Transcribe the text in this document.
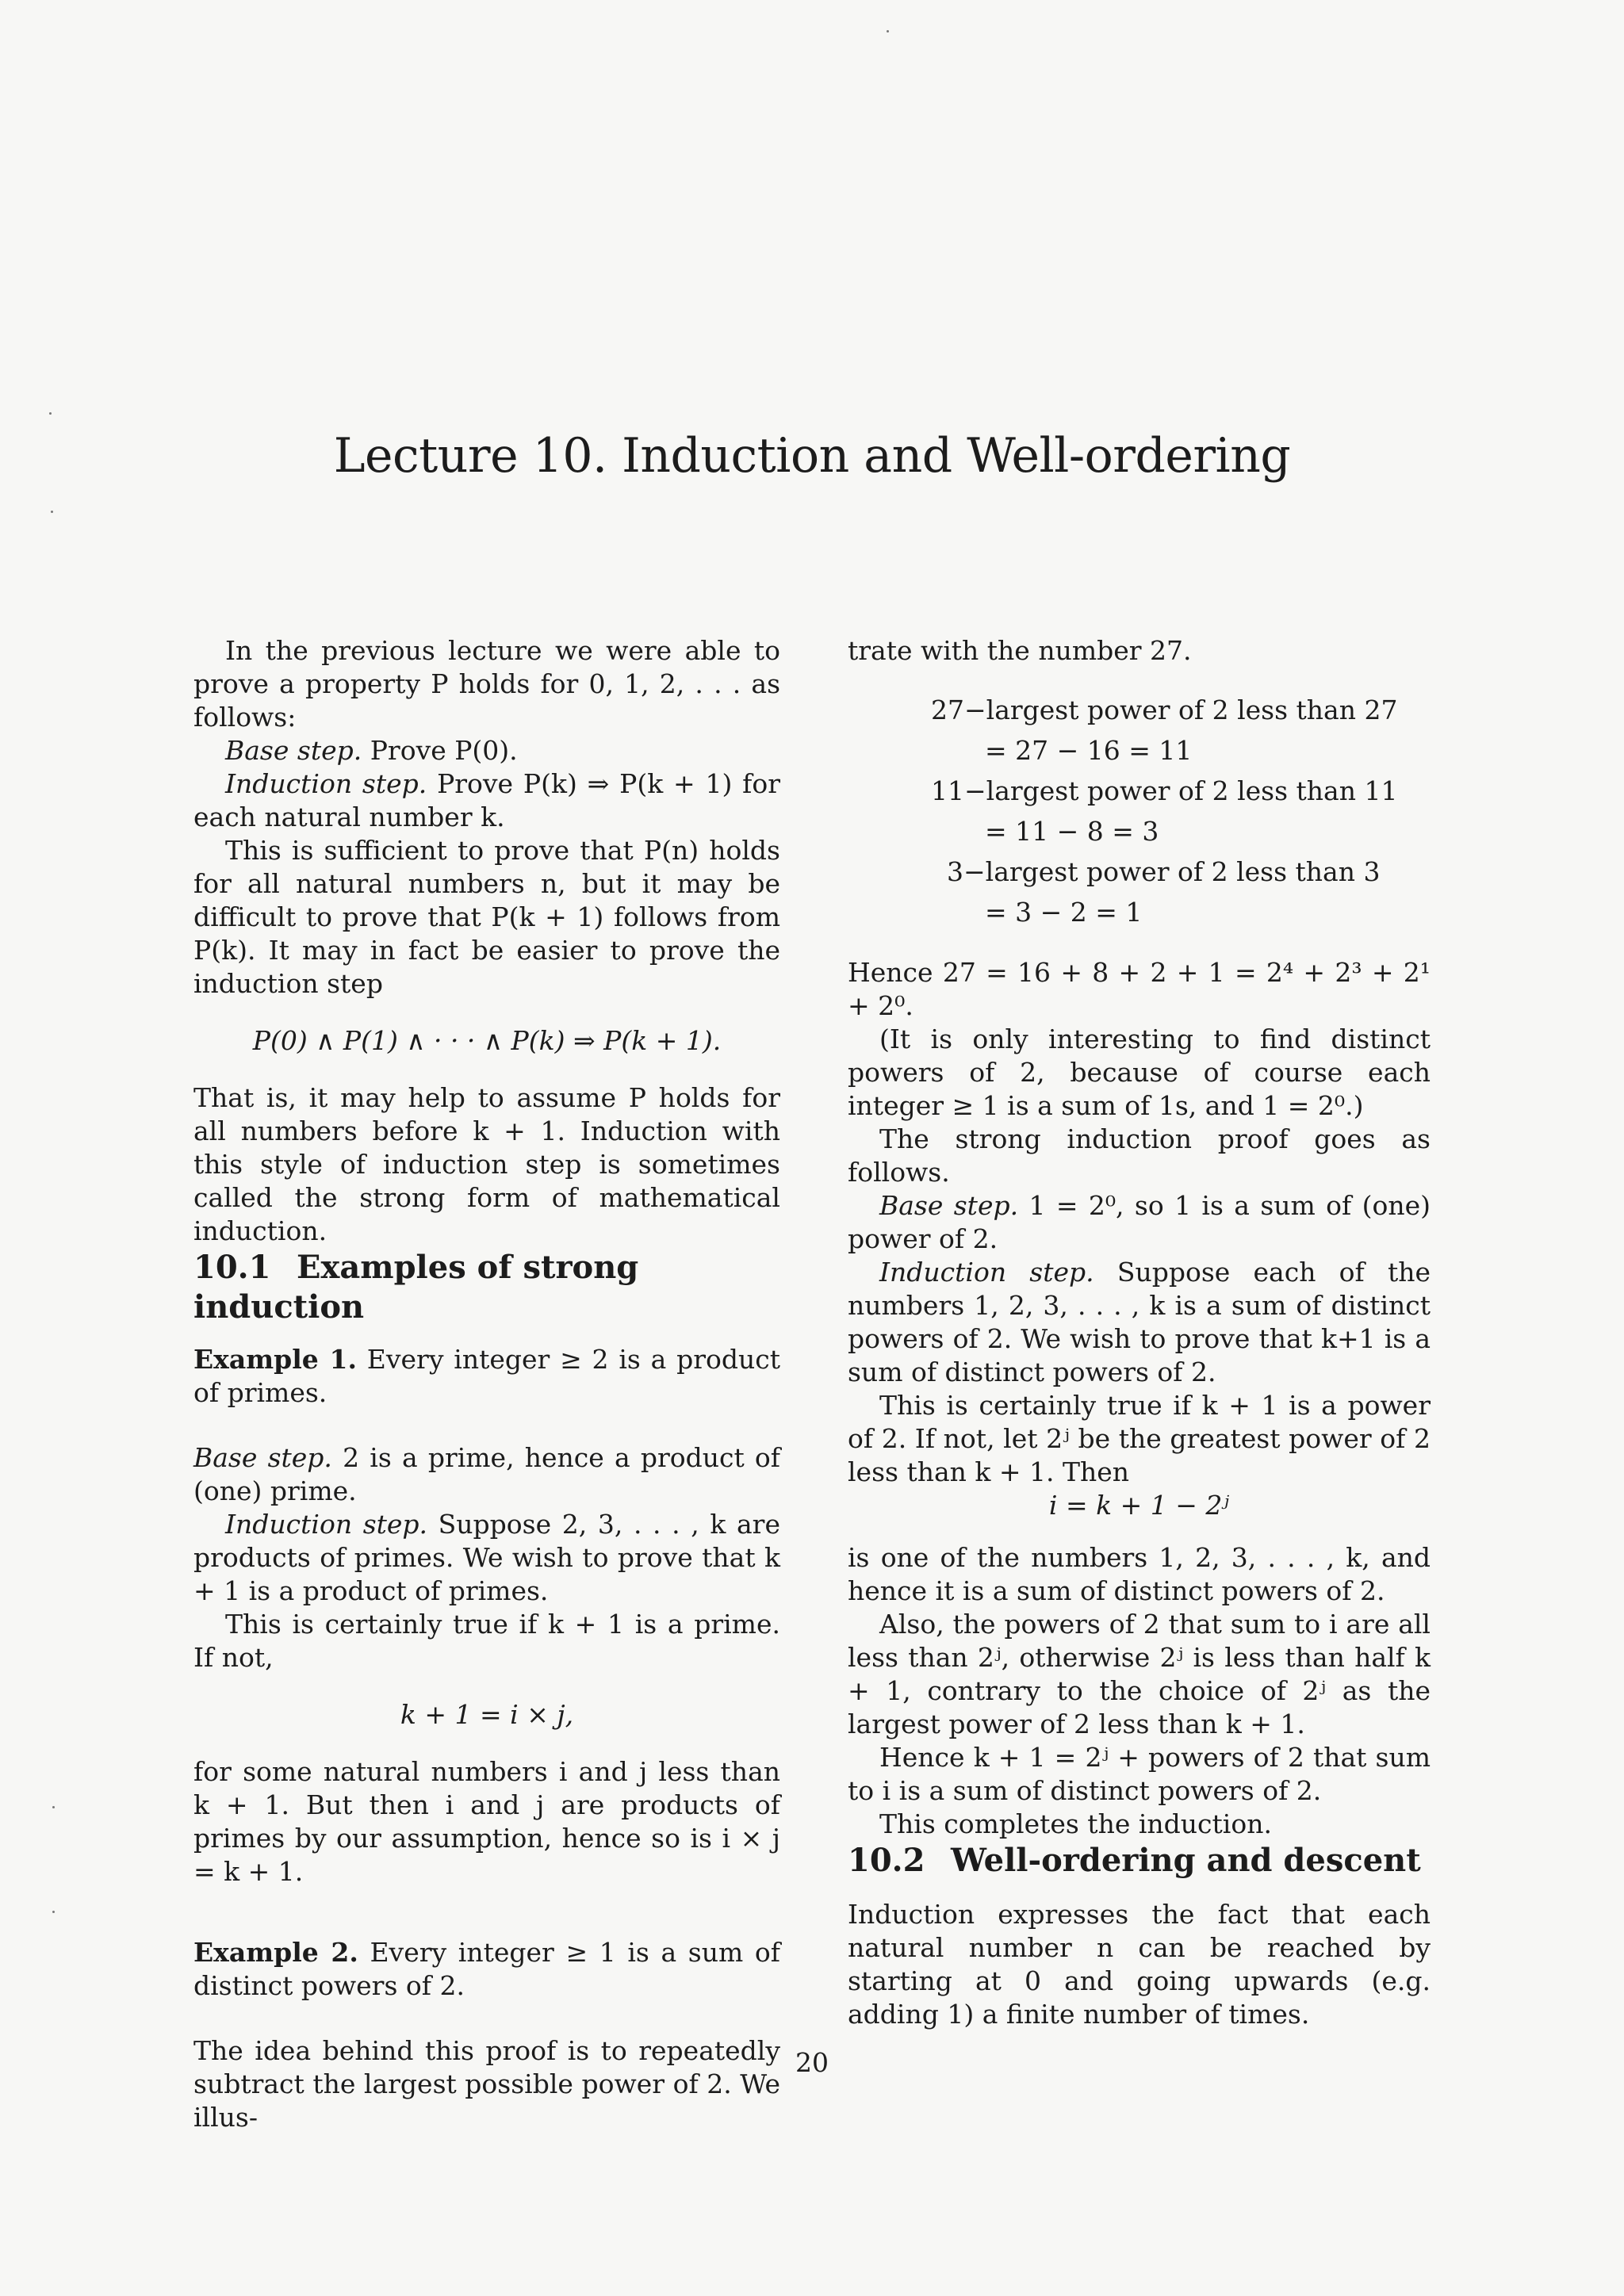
Lecture 10. Induction and Well-ordering

In the previous lecture we were able to prove a property P holds for 0, 1, 2, . . . as follows:

Base step. Prove P(0).

Induction step. Prove P(k) ⇒ P(k + 1) for each natural number k.

This is sufficient to prove that P(n) holds for all natural numbers n, but it may be difficult to prove that P(k + 1) follows from P(k). It may in fact be easier to prove the induction step

P(0) ∧ P(1) ∧ · · · ∧ P(k) ⇒ P(k + 1).

That is, it may help to assume P holds for all numbers before k + 1. Induction with this style of induction step is sometimes called the strong form of mathematical induction.

10.1 Examples of strong induction

Example 1. Every integer ≥ 2 is a product of primes.

Base step. 2 is a prime, hence a product of (one) prime.

Induction step. Suppose 2, 3, . . . , k are products of primes. We wish to prove that k + 1 is a product of primes.

This is certainly true if k + 1 is a prime. If not,

k + 1 = i × j,

for some natural numbers i and j less than k + 1. But then i and j are products of primes by our assumption, hence so is i × j = k + 1.

Example 2. Every integer ≥ 1 is a sum of distinct powers of 2.

The idea behind this proof is to repeatedly subtract the largest possible power of 2. We illus-

trate with the number 27.

27−largest power of 2 less than 27
= 27 − 16 = 11
11−largest power of 2 less than 11
= 11 − 8 = 3
3−largest power of 2 less than 3
= 3 − 2 = 1

Hence 27 = 16 + 8 + 2 + 1 = 2⁴ + 2³ + 2¹ + 2⁰.

(It is only interesting to find distinct powers of 2, because of course each integer ≥ 1 is a sum of 1s, and 1 = 2⁰.)

The strong induction proof goes as follows.

Base step. 1 = 2⁰, so 1 is a sum of (one) power of 2.

Induction step. Suppose each of the numbers 1, 2, 3, . . . , k is a sum of distinct powers of 2. We wish to prove that k+1 is a sum of distinct powers of 2.

This is certainly true if k + 1 is a power of 2. If not, let 2ʲ be the greatest power of 2 less than k + 1. Then

i = k + 1 − 2ʲ

is one of the numbers 1, 2, 3, . . . , k, and hence it is a sum of distinct powers of 2.

Also, the powers of 2 that sum to i are all less than 2ʲ, otherwise 2ʲ is less than half k + 1, contrary to the choice of 2ʲ as the largest power of 2 less than k + 1.

Hence k + 1 = 2ʲ + powers of 2 that sum to i is a sum of distinct powers of 2.

This completes the induction.

10.2 Well-ordering and descent

Induction expresses the fact that each natural number n can be reached by starting at 0 and going upwards (e.g. adding 1) a finite number of times.

20
